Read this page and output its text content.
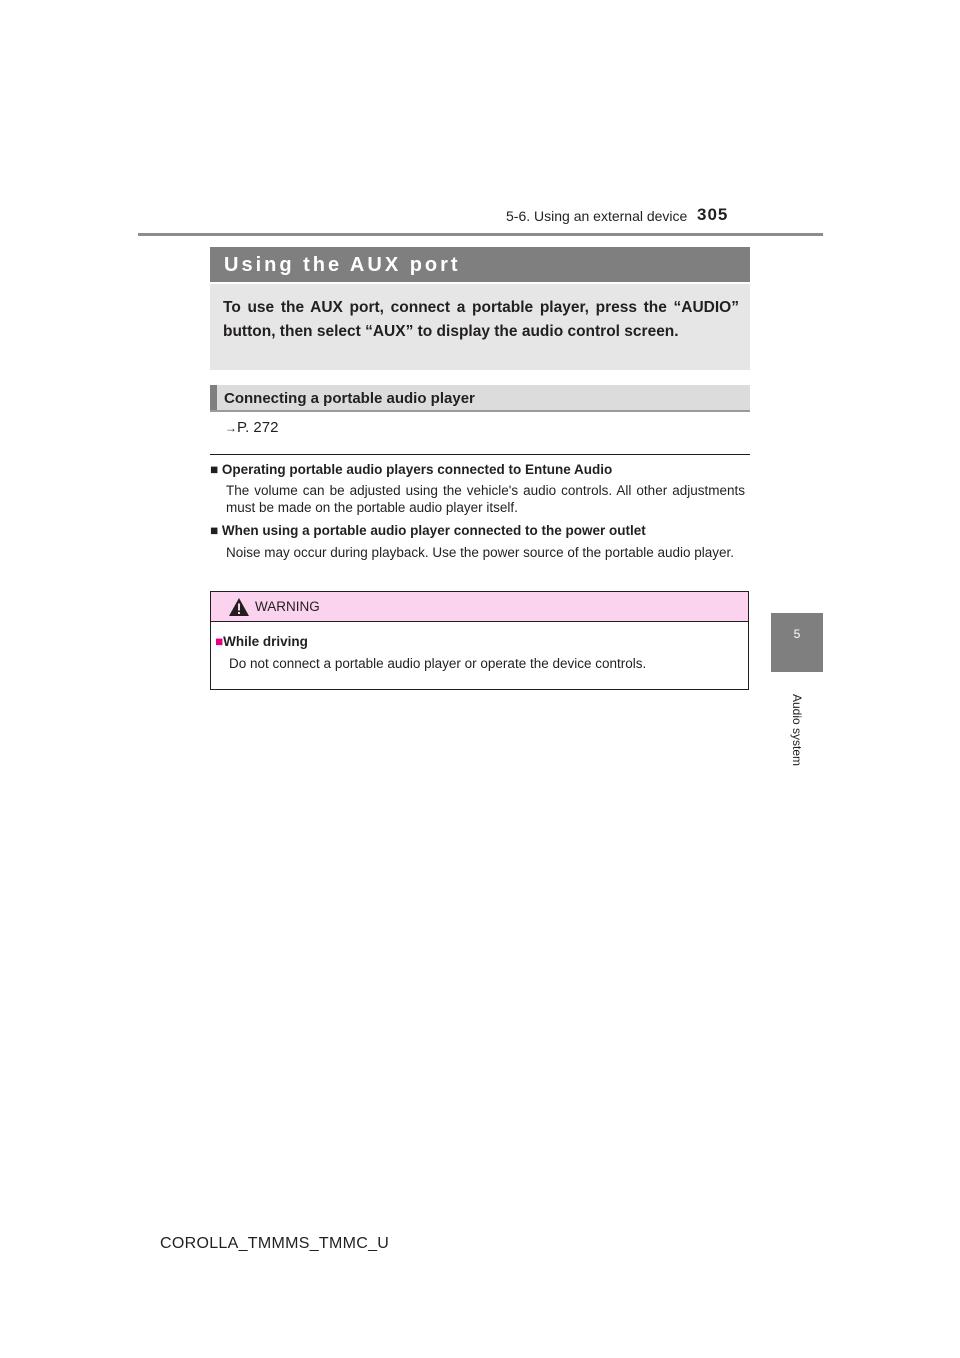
5-6. Using an external device 305
5
Audio system
Using the AUX port

To use the AUX port, connect a portable player, press the “AUDIO” button, then select “AUX” to display the audio control screen.

Connecting a portable audio player
→P. 272
■ Operating portable audio players connected to Entune Audio
The volume can be adjusted using the vehicle's audio controls. All other adjustments must be made on the portable audio player itself.
■ When using a portable audio player connected to the power outlet
Noise may occur during playback. Use the power source of the portable audio player.
WARNING
■While driving
Do not connect a portable audio player or operate the device controls.
COROLLA_TMMMS_TMMC_U
